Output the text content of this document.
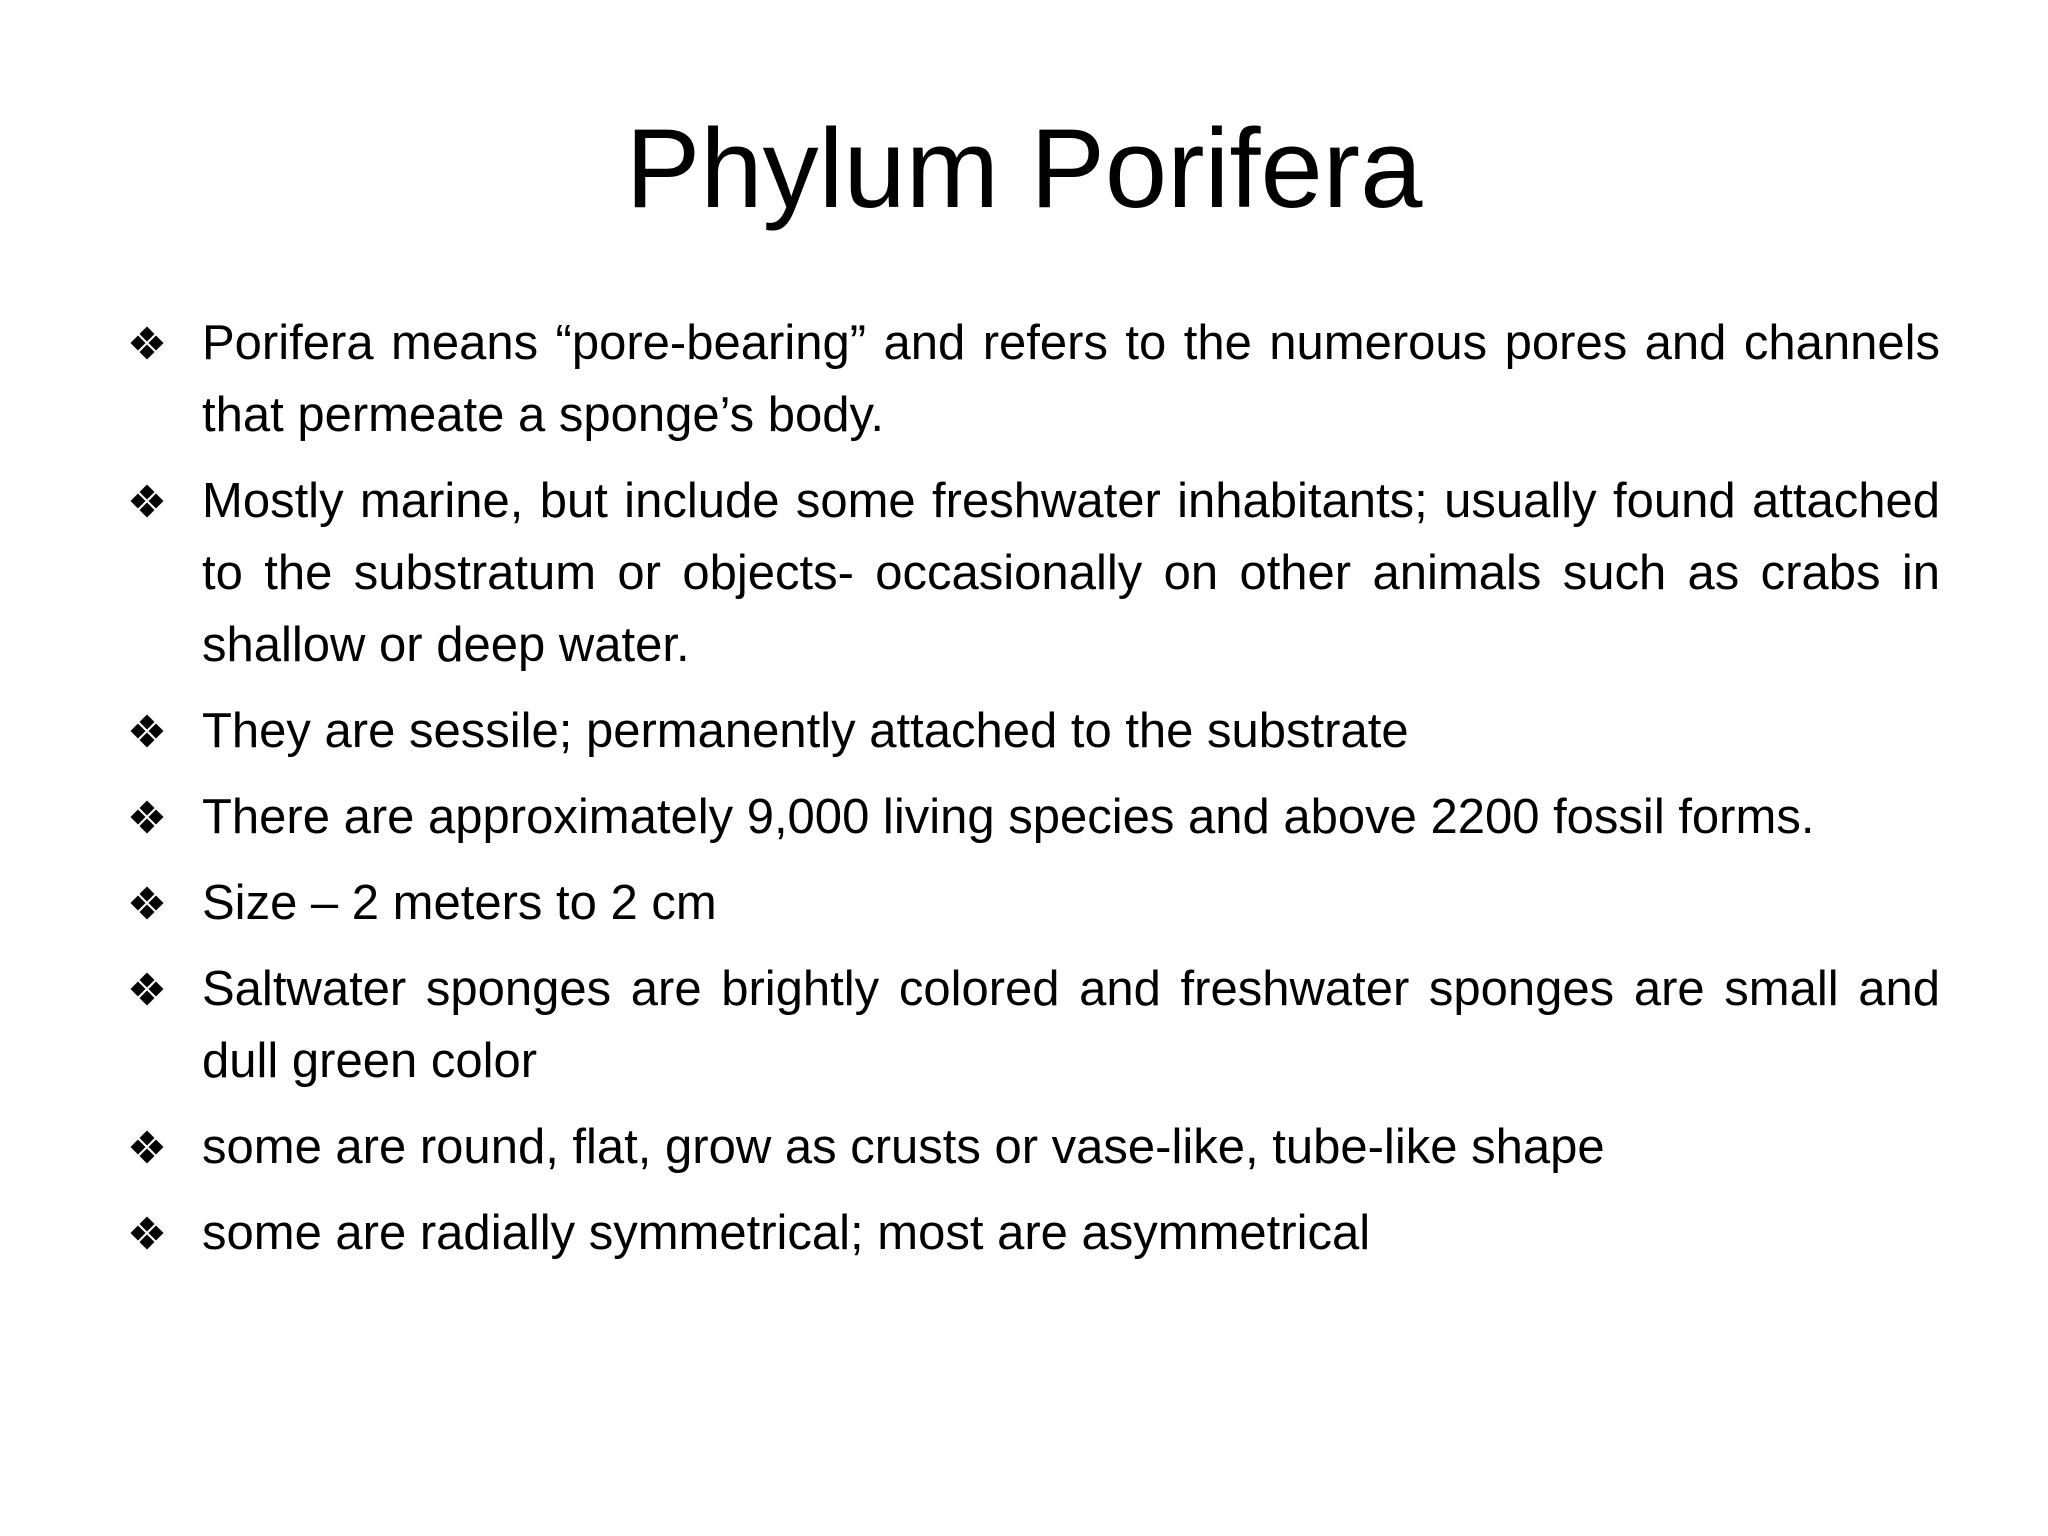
Phylum Porifera
Porifera means “pore-bearing” and refers to the numerous pores and channels that permeate a sponge’s body.
Mostly marine, but include some freshwater inhabitants; usually found attached to the substratum or objects- occasionally on other animals such as crabs in shallow or deep water.
They are sessile; permanently attached to the substrate
There are approximately 9,000 living species and above 2200 fossil forms.
Size – 2 meters to 2 cm
Saltwater sponges are brightly colored and freshwater sponges are small and dull green color
some are round, flat, grow as crusts or vase-like, tube-like shape
some are radially symmetrical; most are asymmetrical
